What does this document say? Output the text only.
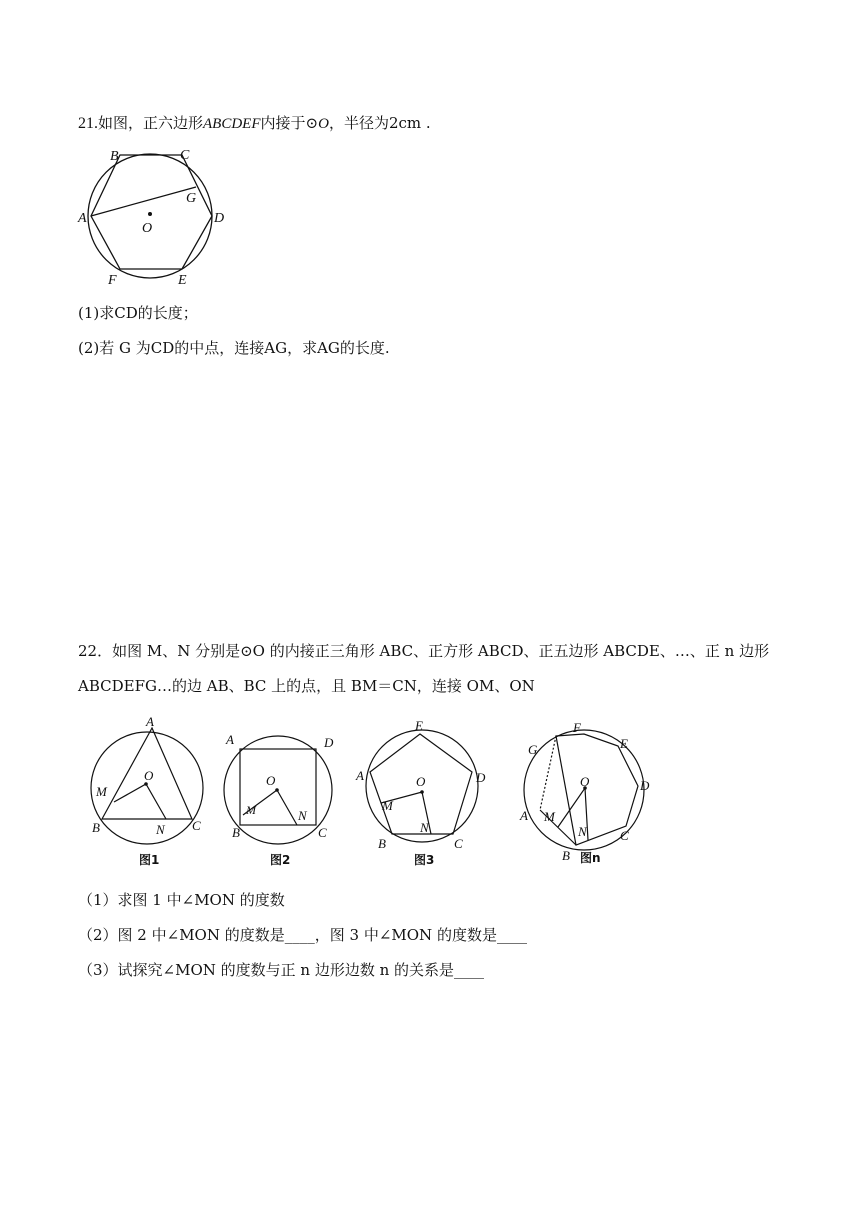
21.如图，正六边形ABCDEF内接于⊙O，半径为2cm .
B	C
A	D
G
O
F	E
(1)求CD的长度；
(2)若 G 为CD的中点，连接AG，求AG的长度.
22．如图 M、N 分别是⊙O 的内接正三角形 ABC、正方形 ABCD、正五边形 ABCDE、…、正 n 边形
ABCDEFG…的边 AB、BC 上的点，且 BM＝CN，连接 OM、ON
A
O
M
B	N C
图1
A	D
O
M	N
B	C
图2
E
A	D
O
M
N
B	C
图3
G
F
E
D
O
A M
N	C
B 图n
（1）求图 1 中∠MON 的度数
（2）图 2 中∠MON 的度数是____，图 3 中∠MON 的度数是____
（3）试探究∠MON 的度数与正 n 边形边数 n 的关系是____
